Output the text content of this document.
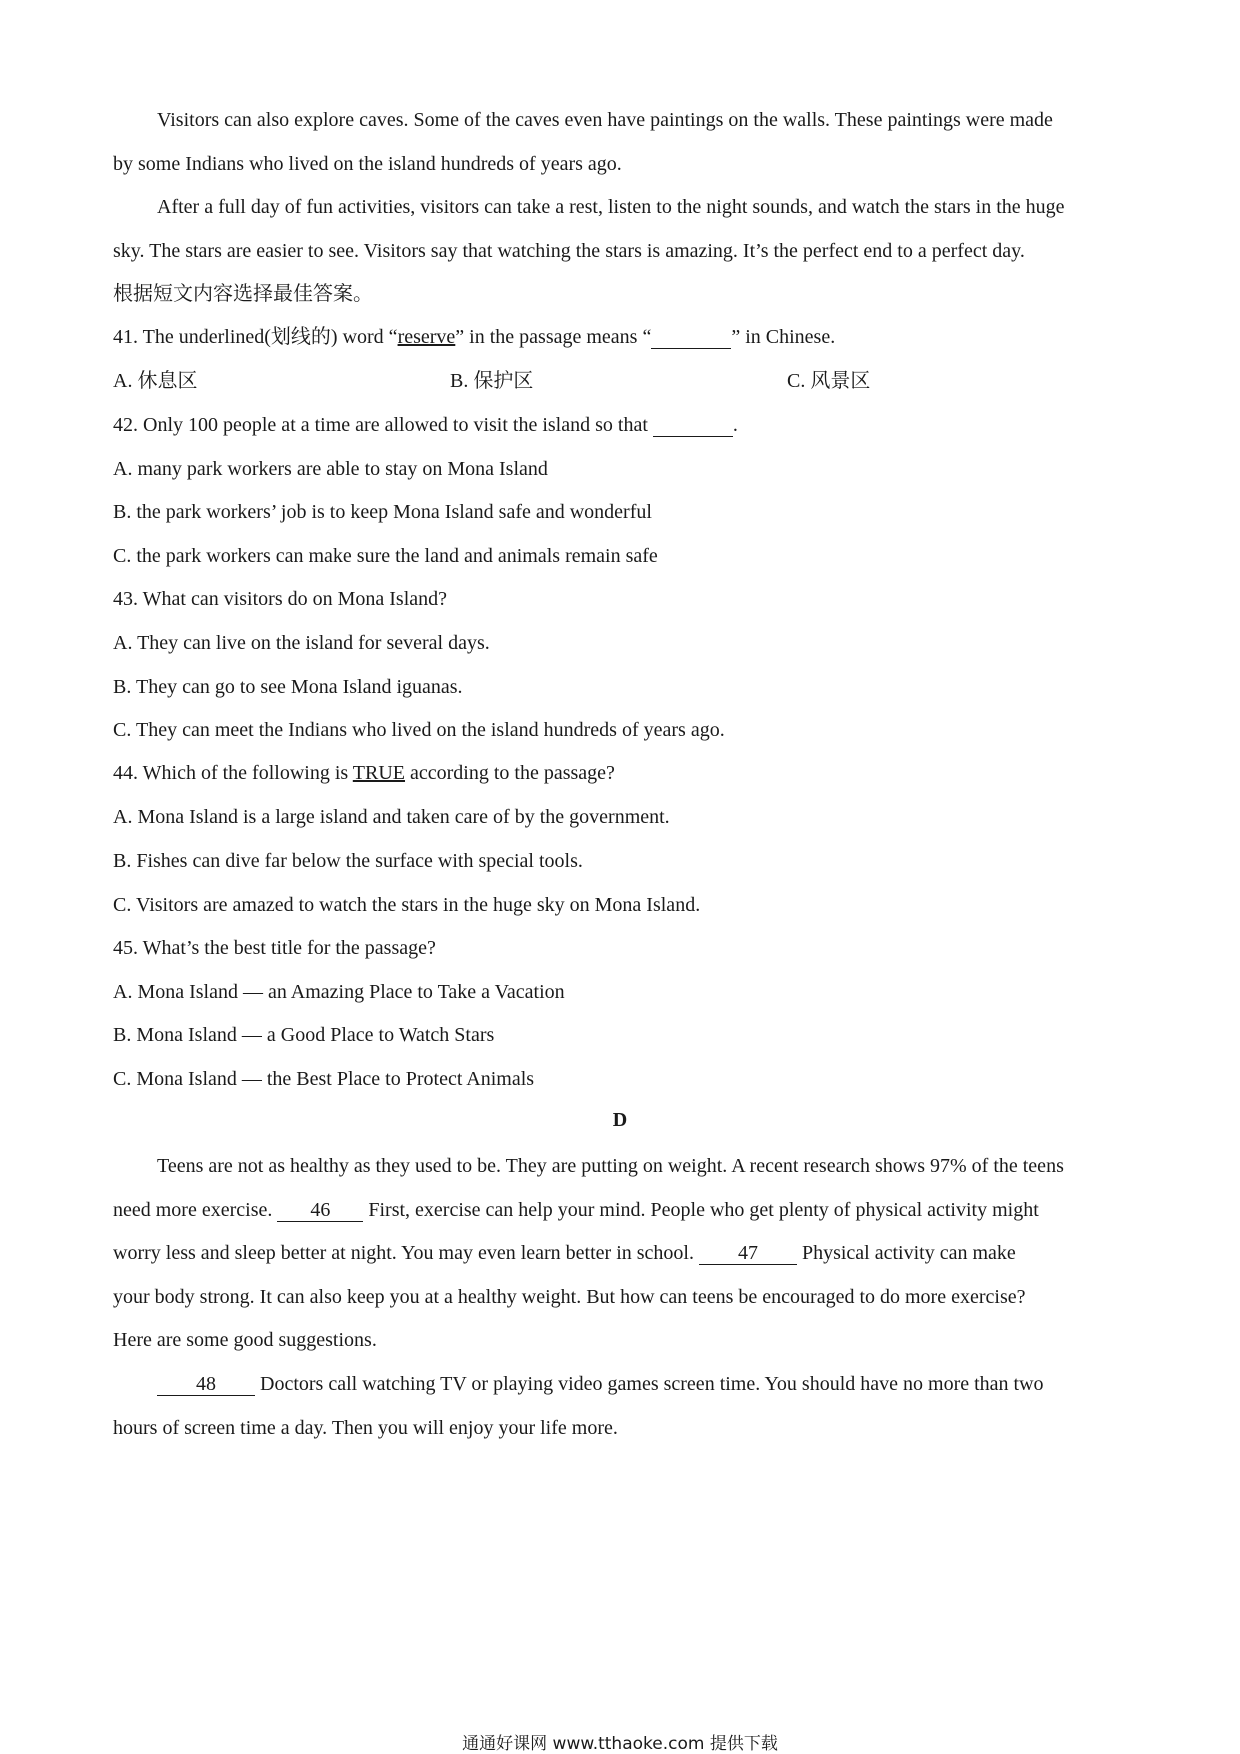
Visitors can also explore caves. Some of the caves even have paintings on the walls. These paintings were made
by some Indians who lived on the island hundreds of years ago.
After a full day of fun activities, visitors can take a rest, listen to the night sounds, and watch the stars in the huge
sky. The stars are easier to see. Visitors say that watching the stars is amazing. It’s the perfect end to a perfect day.
根据短文内容选择最佳答案。
41. The underlined(划线的) word “reserve” in the passage means “	” in Chinese.
A. 休息区	B. 保护区	C. 风景区
42. Only 100 people at a time are allowed to visit the island so that	.
A. many park workers are able to stay on Mona Island
B. the park workers’ job is to keep Mona Island safe and wonderful
C. the park workers can make sure the land and animals remain safe
43. What can visitors do on Mona Island?
A. They can live on the island for several days.
B. They can go to see Mona Island iguanas.
C. They can meet the Indians who lived on the island hundreds of years ago.
44. Which of the following is TRUE according to the passage?
A. Mona Island is a large island and taken care of by the government.
B. Fishes can dive far below the surface with special tools.
C. Visitors are amazed to watch the stars in the huge sky on Mona Island.
45. What’s the best title for the passage?
A. Mona Island — an Amazing Place to Take a Vacation
B. Mona Island — a Good Place to Watch Stars
C. Mona Island — the Best Place to Protect Animals
D
Teens are not as healthy as they used to be. They are putting on weight. A recent research shows 97% of the teens
need more exercise. 46 First, exercise can help your mind. People who get plenty of physical activity might
worry less and sleep better at night. You may even learn better in school. 47 Physical activity can make
your body strong. It can also keep you at a healthy weight. But how can teens be encouraged to do more exercise?
Here are some good suggestions.
48 Doctors call watching TV or playing video games screen time. You should have no more than two
hours of screen time a day. Then you will enjoy your life more.
通通好课网 www.tthaoke.com 提供下载
